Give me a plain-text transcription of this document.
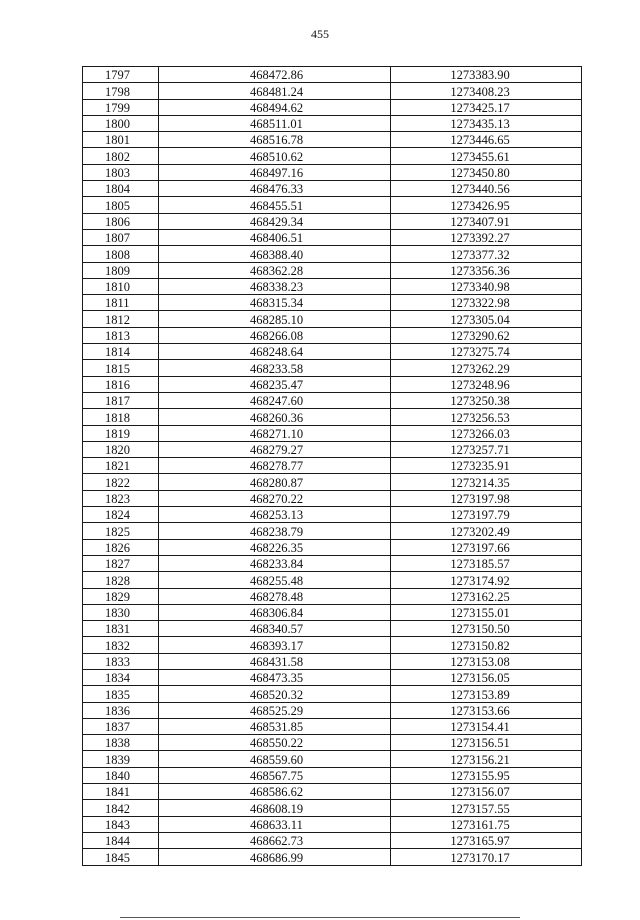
455
1797	468472.86	1273383.90
1798	468481.24	1273408.23
1799	468494.62	1273425.17
1800	468511.01	1273435.13
1801	468516.78	1273446.65
1802	468510.62	1273455.61
1803	468497.16	1273450.80
1804	468476.33	1273440.56
1805	468455.51	1273426.95
1806	468429.34	1273407.91
1807	468406.51	1273392.27
1808	468388.40	1273377.32
1809	468362.28	1273356.36
1810	468338.23	1273340.98
1811	468315.34	1273322.98
1812	468285.10	1273305.04
1813	468266.08	1273290.62
1814	468248.64	1273275.74
1815	468233.58	1273262.29
1816	468235.47	1273248.96
1817	468247.60	1273250.38
1818	468260.36	1273256.53
1819	468271.10	1273266.03
1820	468279.27	1273257.71
1821	468278.77	1273235.91
1822	468280.87	1273214.35
1823	468270.22	1273197.98
1824	468253.13	1273197.79
1825	468238.79	1273202.49
1826	468226.35	1273197.66
1827	468233.84	1273185.57
1828	468255.48	1273174.92
1829	468278.48	1273162.25
1830	468306.84	1273155.01
1831	468340.57	1273150.50
1832	468393.17	1273150.82
1833	468431.58	1273153.08
1834	468473.35	1273156.05
1835	468520.32	1273153.89
1836	468525.29	1273153.66
1837	468531.85	1273154.41
1838	468550.22	1273156.51
1839	468559.60	1273156.21
1840	468567.75	1273155.95
1841	468586.62	1273156.07
1842	468608.19	1273157.55
1843	468633.11	1273161.75
1844	468662.73	1273165.97
1845	468686.99	1273170.17
